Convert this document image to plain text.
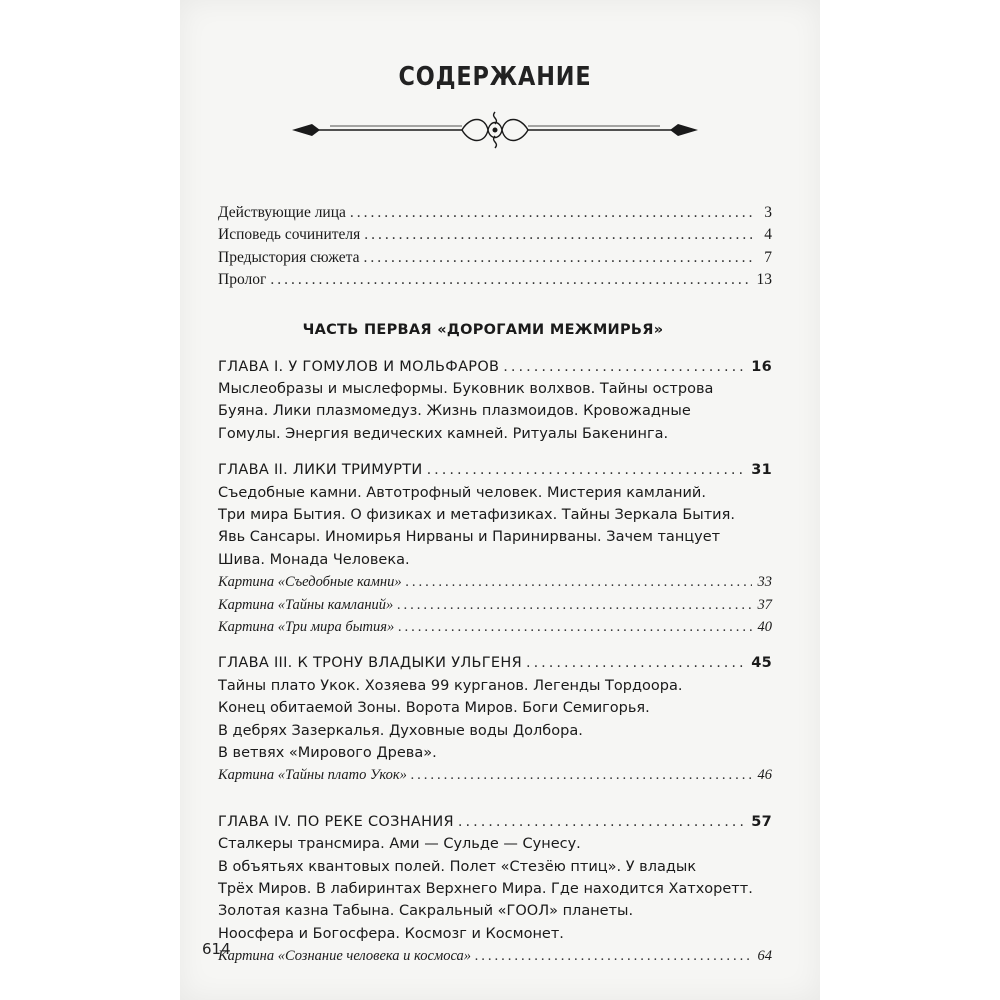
СОДЕРЖАНИЕ
Действующие лица .....	3
Исповедь сочинителя .....	4
Предыстория сюжета .....	7
Пролог .....	13
ЧАСТЬ ПЕРВАЯ «ДОРОГАМИ МЕЖМИРЬЯ»
ГЛАВА I. У ГОМУЛОВ И МОЛЬФАРОВ .....	16
Мыслеобразы и мыслеформы. Буковник волхвов. Тайны острова
Буяна. Лики плазмомедуз. Жизнь плазмоидов. Кровожадные
Гомулы. Энергия ведических камней. Ритуалы Бакенинга.
ГЛАВА II. ЛИКИ ТРИМУРТИ .....	31
Съедобные камни. Автотрофный человек. Мистерия камланий.
Три мира Бытия. О физиках и метафизиках. Тайны Зеркала Бытия.
Явь Сансары. Иномирья Нирваны и Паринирваны. Зачем танцует
Шива. Монада Человека.
Картина «Съедобные камни» .....	33
Картина «Тайны камланий» .....	37
Картина «Три мира бытия» .....	40
ГЛАВА III. К ТРОНУ ВЛАДЫКИ УЛЬГЕНЯ .....	45
Тайны плато Укок. Хозяева 99 курганов. Легенды Тордоора.
Конец обитаемой Зоны. Ворота Миров. Боги Семигорья.
В дебрях Зазеркалья. Духовные воды Долбора.
В ветвях «Мирового Древа».
Картина «Тайны плато Укок» .....	46
ГЛАВА IV. ПО РЕКЕ СОЗНАНИЯ .....	57
Сталкеры трансмира. Ами — Сульде — Сунесу.
В объятьях квантовых полей. Полет «Стезёю птиц». У владык
Трёх Миров. В лабиринтах Верхнего Мира. Где находится Хатхоретт.
Золотая казна Табына. Сакральный «ГООЛ» планеты.
Ноосфера и Богосфера. Космозг и Космонет.
Картина «Сознание человека и космоса» .....	64
614
